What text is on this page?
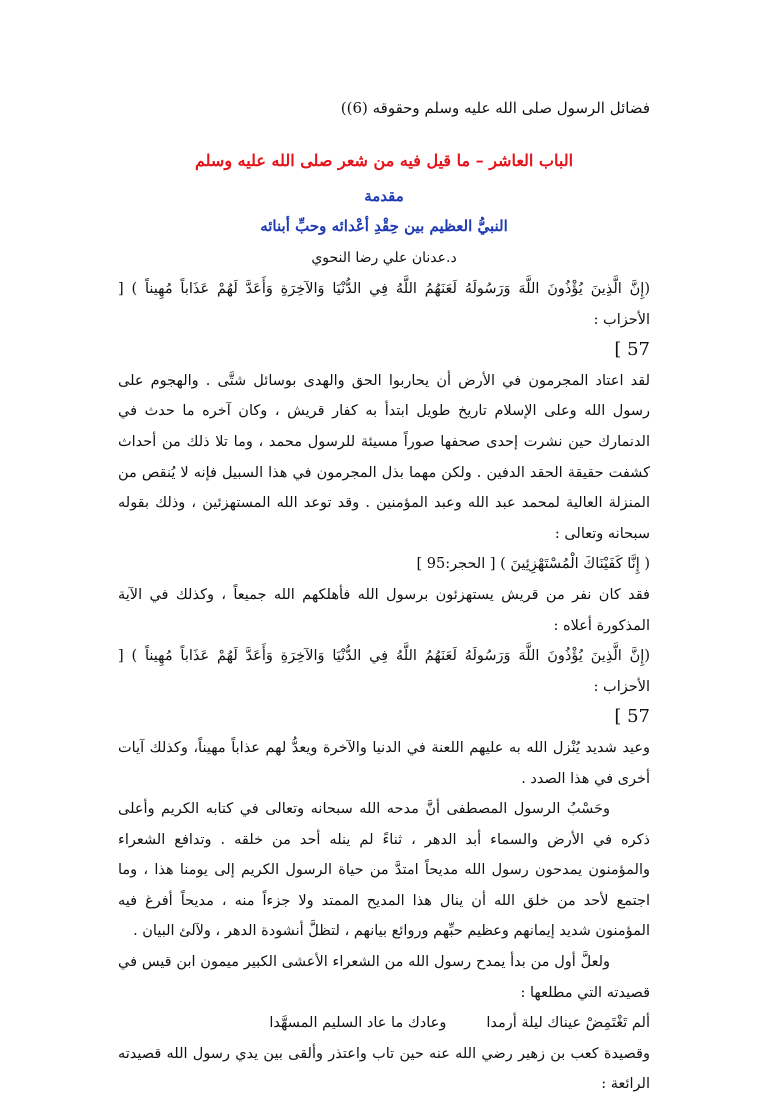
فضائل الرسول صلى الله عليه وسلم وحقوقه (6))
الباب العاشر – ما قيل فيه من شعر صلى الله عليه وسلم
مقدمة
النبيُّ العظيم بين حِقْدِ أعْدائه وحبِّ أبنائه
د.عدنان علي رضا النحوي

(إِنَّ الَّذِينَ يُؤْذُونَ اللَّهَ وَرَسُولَهُ لَعَنَهُمُ اللَّهُ فِي الدُّنْيَا وَالآخِرَةِ وَأَعَدَّ لَهُمْ عَذَاباً مُهِيناً ) [ الأحزاب :
57 ]

لقد اعتاد المجرمون في الأرض أن يحاربوا الحق والهدى بوسائل شتَّى . والهجوم على رسول الله وعلى الإسلام تاريخ طويل ابتدأ به كفار قريش ، وكان آخره ما حدث في الدنمارك حين نشرت إحدى صحفها صوراً مسيئة للرسول محمد ، وما تلا ذلك من أحداث كشفت حقيقة الحقد الدفين . ولكن مهما بذل المجرمون في هذا السبيل فإنه لا يُنقص من المنزلة العالية لمحمد عبد الله وعبد المؤمنين . وقد توعد الله المستهزئين ، وذلك بقوله سبحانه وتعالى :

( إِنَّا كَفَيْنَاكَ الْمُسْتَهْزِئِينَ ) [ الحجر:95 ]

فقد كان نفر من قريش يستهزئون برسول الله فأهلكهم الله جميعاً ، وكذلك في الآية المذكورة أعلاه :

(إِنَّ الَّذِينَ يُؤْذُونَ اللَّهَ وَرَسُولَهُ لَعَنَهُمُ اللَّهُ فِي الدُّنْيَا وَالآخِرَةِ وَأَعَدَّ لَهُمْ عَذَاباً مُهِيناً ) [ الأحزاب :
57 ]

وعيد شديد يُنْزل الله به عليهم اللعنة في الدنيا والآخرة ويعدُّ لهم عذاباً مهيناً، وكذلك آيات أخرى في هذا الصدد .

وحَسْبُ الرسول المصطفى أنَّ مدحه الله سبحانه وتعالى في كتابه الكريم وأعلى ذكره في الأرض والسماء أبد الدهر ، ثناءً لم ينله أحد من خلقه . وتدافع الشعراء والمؤمنون يمدحون رسول الله مديحاً امتدَّ من حياة الرسول الكريم إلى يومنا هذا ، وما اجتمع لأحد من خلق الله أن ينال هذا المديح الممتد ولا جزءاً منه ، مديحاً أفرغ فيه المؤمنون شديد إيمانهم وعظيم حبِّهم وروائع بيانهم ، لتظلَّ أنشودة الدهر ، ولآلئ البيان .

ولعلَّ أول من بدأ يمدح رسول الله من الشعراء الأعشى الكبير ميمون ابن قيس في قصيدته التي مطلعها :

ألم تَغْتَمِضْ عيناك ليلة أرمدا
وعادك ما عاد السليم المسهَّدا

وقصيدة كعب بن زهير رضي الله عنه حين تاب واعتذر وألقى بين يدي رسول الله قصيدته الرائعة :
